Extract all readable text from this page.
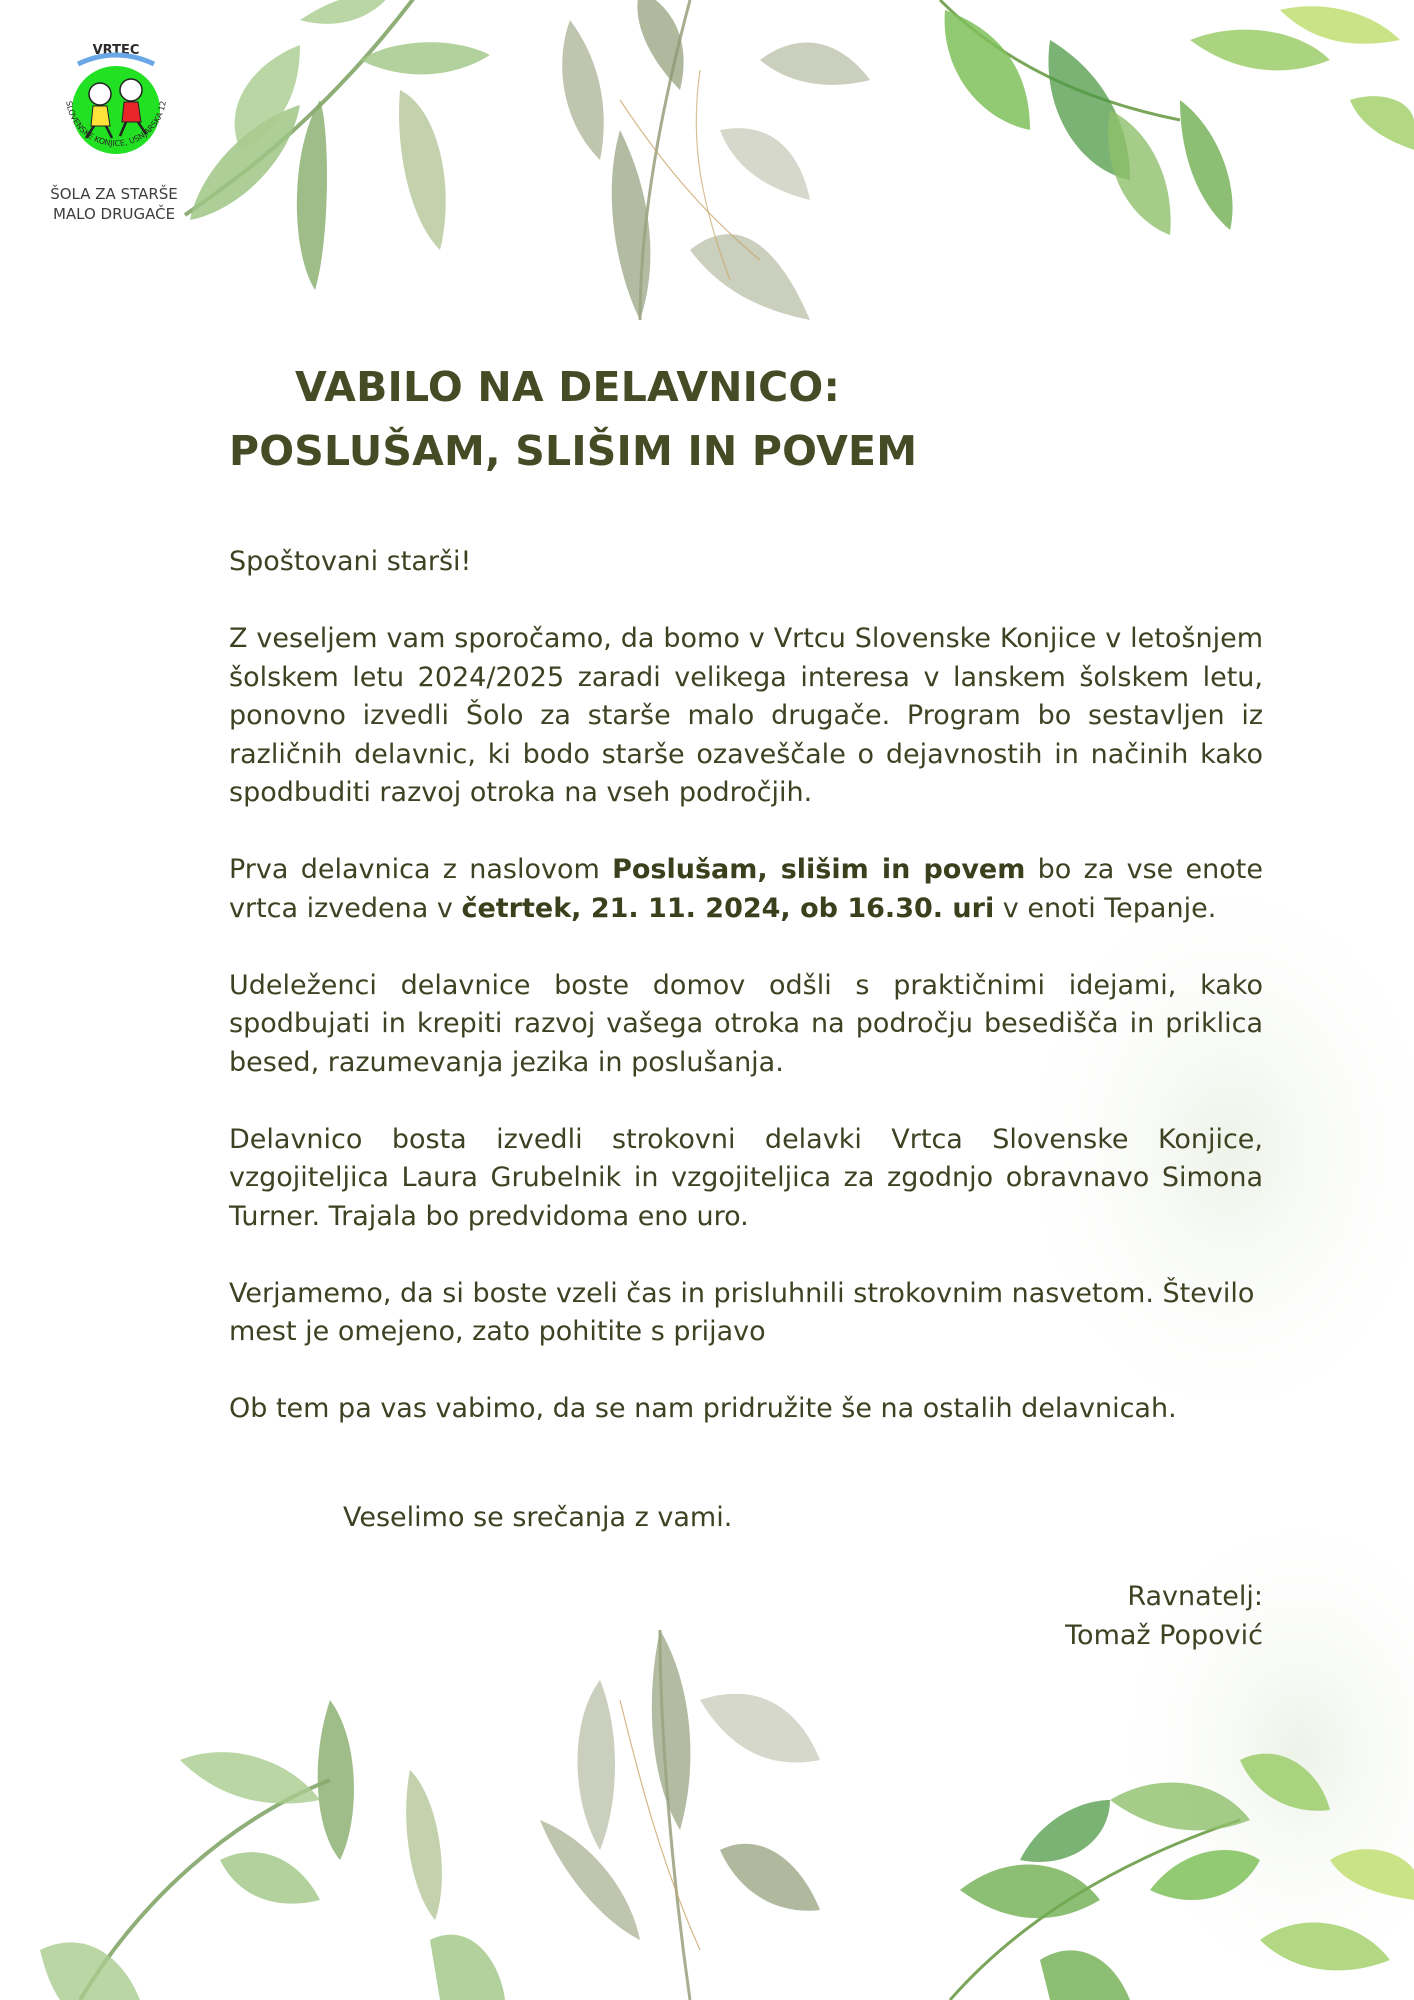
VRTEC
SLOVENSKE KONJICE, USNJARSKA 12
ŠOLA ZA STARŠE
MALO DRUGAČE
VABILO NA DELAVNICO:
POSLUŠAM, SLIŠIM IN POVEM

Spoštovani starši!

Z veseljem vam sporočamo, da bomo v Vrtcu Slovenske Konjice v letošnjem šolskem letu 2024/2025 zaradi velikega interesa v lanskem šolskem letu, ponovno izvedli Šolo za starše malo drugače. Program bo sestavljen iz različnih delavnic, ki bodo starše ozaveščale o dejavnostih in načinih kako spodbuditi razvoj otroka na vseh področjih.

Prva delavnica z naslovom Poslušam, slišim in povem bo za vse enote vrtca izvedena v četrtek, 21. 11. 2024, ob 16.30. uri v enoti Tepanje.

Udeleženci delavnice boste domov odšli s praktičnimi idejami, kako spodbujati in krepiti razvoj vašega otroka na področju besedišča in priklica besed, razumevanja jezika in poslušanja.

Delavnico bosta izvedli strokovni delavki Vrtca Slovenske Konjice, vzgojiteljica Laura Grubelnik in vzgojiteljica za zgodnjo obravnavo Simona Turner. Trajala bo predvidoma eno uro.

Verjamemo, da si boste vzeli čas in prisluhnili strokovnim nasvetom. Število mest je omejeno, zato pohitite s prijavo

Ob tem pa vas vabimo, da se nam pridružite še na ostalih delavnicah.

Veselimo se srečanja z vami.
Ravnatelj:
Tomaž Popović
